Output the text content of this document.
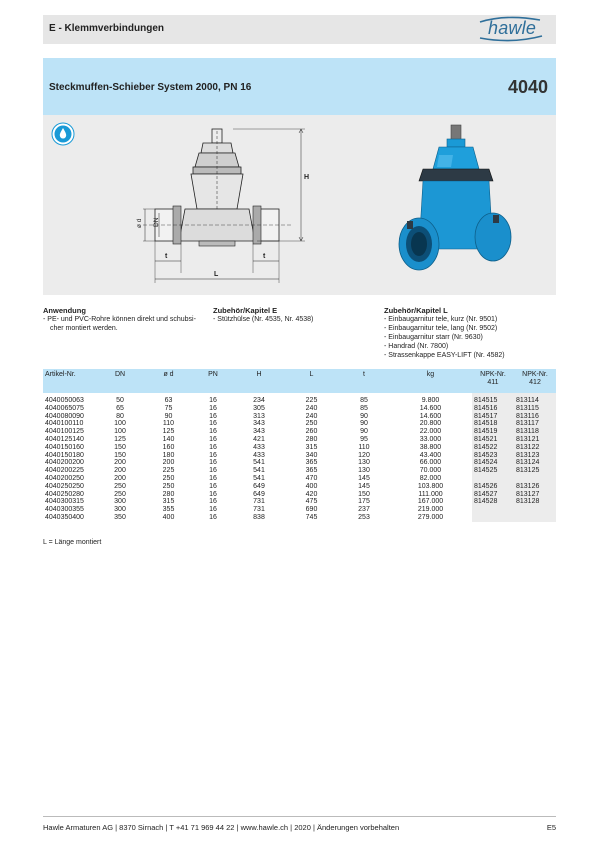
E - Klemmverbindungen	hawle
Steckmuffen-Schieber System 2000, PN 16	4040
H
ø d DN
t	t
L
Anwendung
- PE- und PVC-Rohre können direkt und schubsi-
cher montiert werden.
Zubehör/Kapitel E
- Stützhülse (Nr. 4535, Nr. 4538)
Zubehör/Kapitel L
- Einbaugarnitur tele, kurz (Nr. 9501)
- Einbaugarnitur tele, lang (Nr. 9502)
- Einbaugarnitur starr (Nr. 9630)
- Handrad (Nr. 7800)
- Strassenkappe EASY-LIFT (Nr. 4582)
Artikel-Nr.	DN	ø d	PN	H	L	t	kg	NPK-Nr.
411	NPK-Nr.
412

4040050063	50	63	16	234	225	85	9.800	814515	813114
4040065075	65	75	16	305	240	85	14.600	814516	813115
4040080090	80	90	16	313	240	90	14.600	814517	813116
4040100110	100	110	16	343	250	90	20.800	814518	813117
4040100125	100	125	16	343	260	90	22.000	814519	813118
4040125140	125	140	16	421	280	95	33.000	814521	813121
4040150160	150	160	16	433	315	110	38.800	814522	813122
4040150180	150	180	16	433	340	120	43.400	814523	813123
4040200200	200	200	16	541	365	130	66.000	814524	813124
4040200225	200	225	16	541	365	130	70.000	814525	813125
4040200250	200	250	16	541	470	145	82.000		
4040250250	250	250	16	649	400	145	103.800	814526	813126
4040250280	250	280	16	649	420	150	111.000	814527	813127
4040300315	300	315	16	731	475	175	167.000	814528	813128
4040300355	300	355	16	731	690	237	219.000		
4040350400	350	400	16	838	745	253	279.000		
L = Länge montiert
Hawle Armaturen AG | 8370 Sirnach | T +41 71 969 44 22 | www.hawle.ch | 2020 | Änderungen vorbehalten	E5
